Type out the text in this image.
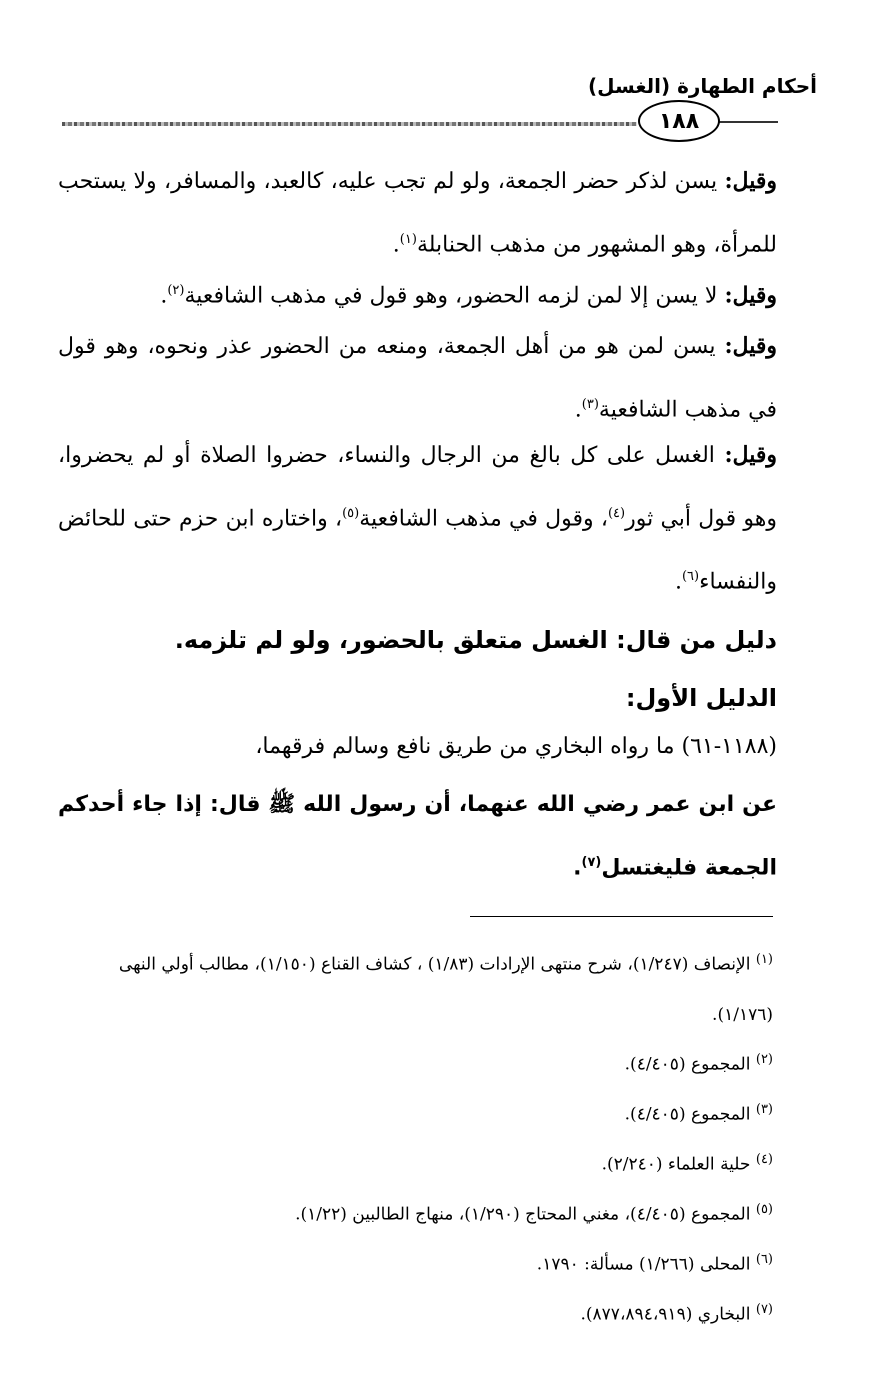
أحكام الطهارة (الغسل)
١٨٨
وقيل: يسن لذكر حضر الجمعة، ولو لم تجب عليه، كالعبد، والمسافر، ولا يستحب للمرأة، وهو المشهور من مذهب الحنابلة$^{(١)}$.
وقيل: لا يسن إلا لمن لزمه الحضور، وهو قول في مذهب الشافعية$^{(٢)}$.
وقيل: يسن لمن هو من أهل الجمعة، ومنعه من الحضور عذر ونحوه، وهو قول في مذهب الشافعية$^{(٣)}$.
وقيل: الغسل على كل بالغ من الرجال والنساء، حضروا الصلاة أو لم يحضروا، وهو قول أبي ثور$^{(٤)}$، وقول في مذهب الشافعية$^{(٥)}$، واختاره ابن حزم حتى للحائض والنفساء$^{(٦)}$.
دليل من قال: الغسل متعلق بالحضور، ولو لم تلزمه.
الدليل الأول:
(١١٨٨-٦١) ما رواه البخاري من طريق نافع وسالم فرقهما،
عن ابن عمر رضي الله عنهما، أن رسول الله ﷺ قال: إذا جاء أحدكم الجمعة فليغتسل$^{(٧)}$.
$^{(١)}$ الإنصاف (١/٢٤٧)، شرح منتهى الإرادات (١/٨٣) ، كشاف القناع (١/١٥٠)، مطالب أولي النهى (١/١٧٦).
$^{(٢)}$ المجموع (٤/٤٠٥).
$^{(٣)}$ المجموع (٤/٤٠٥).
$^{(٤)}$ حلية العلماء (٢/٢٤٠).
$^{(٥)}$ المجموع (٤/٤٠٥)، مغني المحتاج (١/٢٩٠)، منهاج الطالبين (١/٢٢).
$^{(٦)}$ المحلى (١/٢٦٦) مسألة: ١٧٩٠.
$^{(٧)}$ البخاري (٨٧٧،٨٩٤،٩١٩).
